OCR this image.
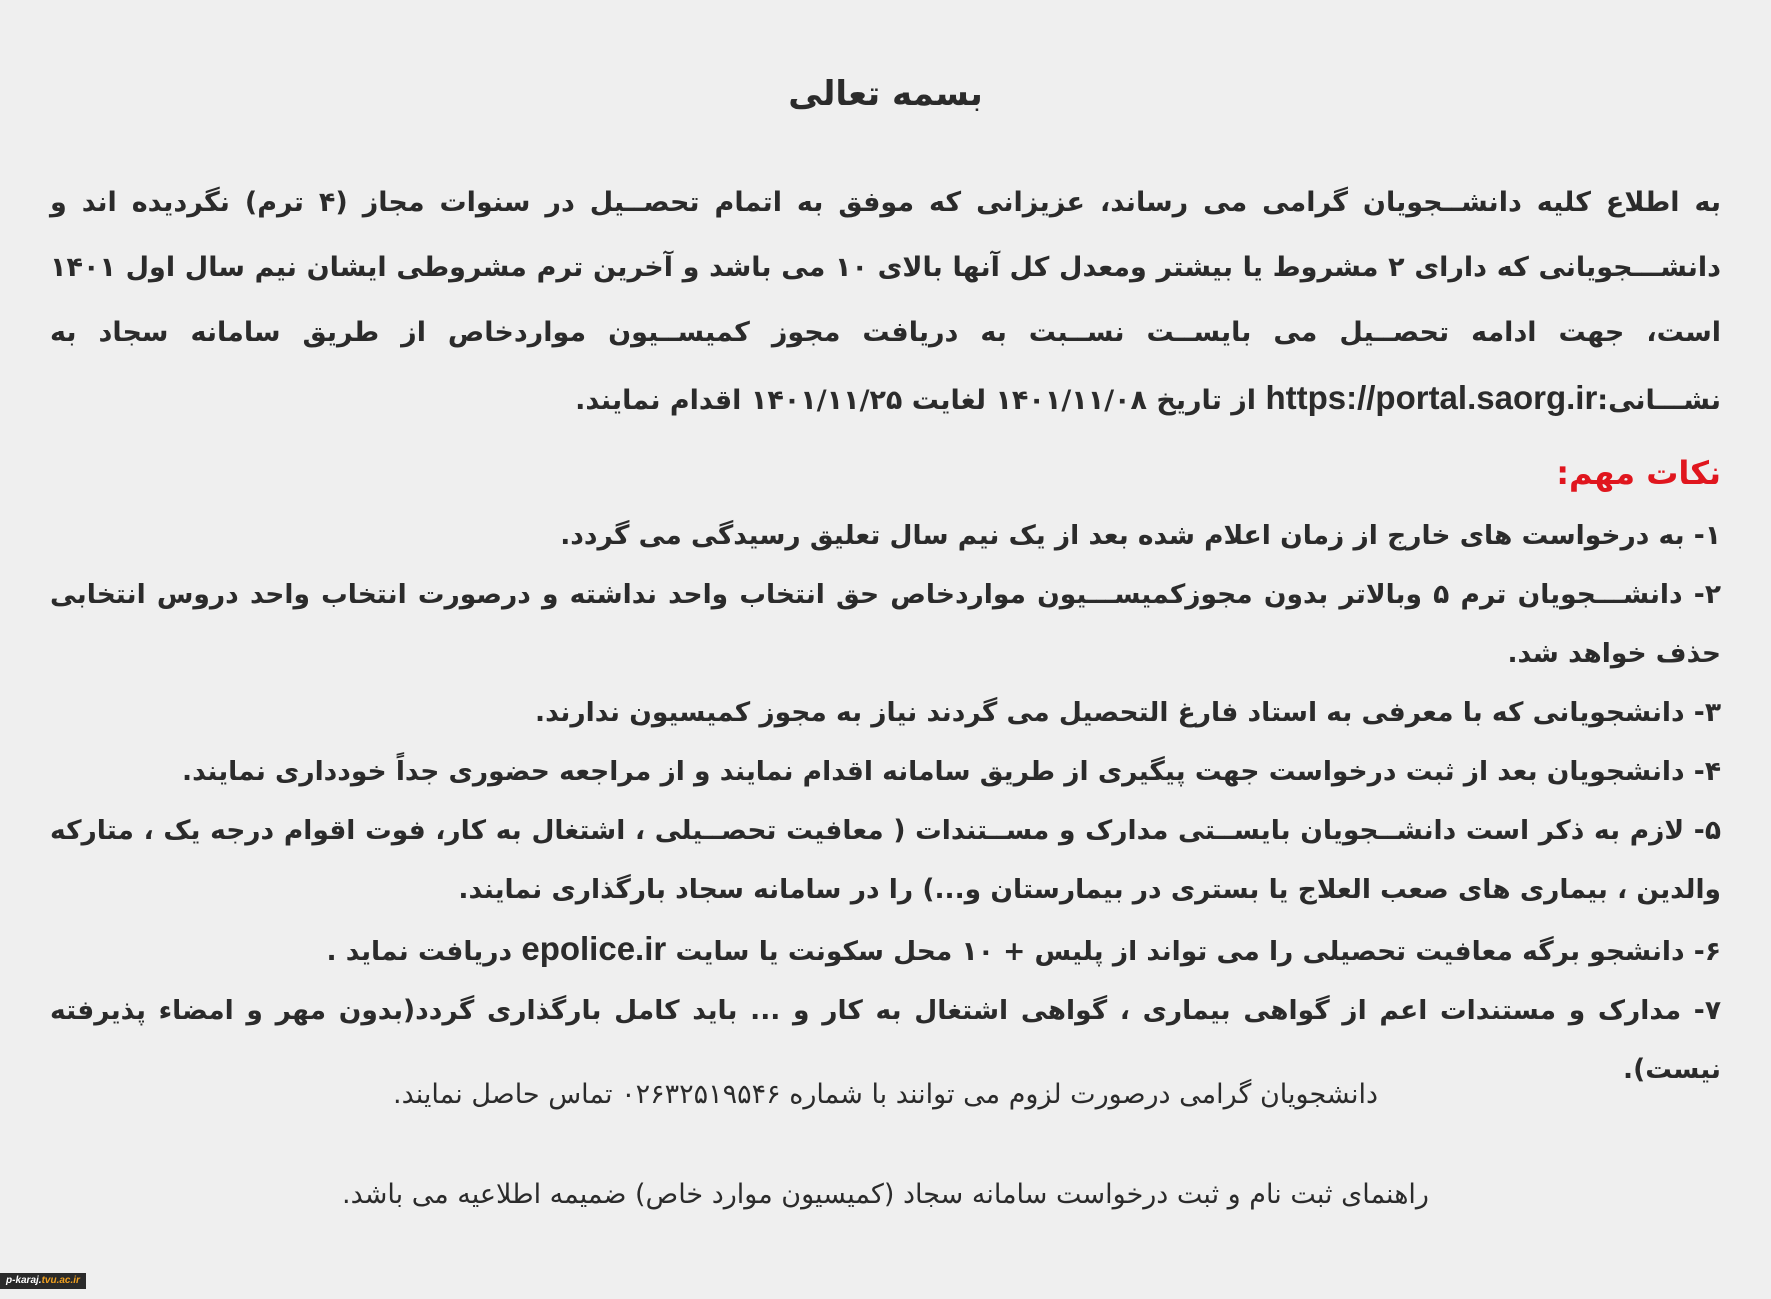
بسمه تعالی

به اطلاع کلیه دانشــجویان گرامی می رساند، عزیزانی که موفق به اتمام تحصــیل در سنوات مجاز (۴ ترم) نگردیده اند و دانشـــجویانی که دارای ۲ مشروط یا بیشتر ومعدل کل آنها بالای ۱۰ می باشد و آخرین ترم مشروطی ایشان نیم سال اول ۱۴۰۱ است، جهت ادامه تحصــیل می بایســت نســبت به دریافت مجوز کمیســیون مواردخاص از طریق سامانه سجاد به نشـــانی:https://portal.saorg.ir از تاریخ ۱۴۰۱/۱۱/۰۸ لغایت ۱۴۰۱/۱۱/۲۵ اقدام نمایند.

نکات مهم:
۱- به درخواست های خارج از زمان اعلام شده بعد از یک نیم سال تعلیق رسیدگی می گردد.
۲- دانشـــجویان ترم ۵ وبالاتر بدون مجوزکمیســـیون مواردخاص حق انتخاب واحد نداشته و درصورت انتخاب واحد دروس انتخابی حذف خواهد شد.
۳- دانشجویانی که با معرفی به استاد فارغ التحصیل می گردند نیاز به مجوز کمیسیون ندارند.
۴- دانشجویان بعد از ثبت درخواست جهت پیگیری از طریق سامانه اقدام نمایند و از مراجعه حضوری جداً خودداری نمایند.
۵- لازم به ذکر است دانشــجویان بایســتی مدارک و مســتندات ( معافیت تحصــیلی ، اشتغال به کار، فوت اقوام درجه یک ، متارکه والدین ، بیماری های صعب العلاج یا بستری در بیمارستان و...) را در سامانه سجاد بارگذاری نمایند.
۶- دانشجو برگه معافیت تحصیلی را می تواند از پلیس + ۱۰ محل سکونت یا سایت epolice.ir دریافت نماید .
۷- مدارک و مستندات اعم از گواهی بیماری ، گواهی اشتغال به کار و ... باید کامل بارگذاری گردد(بدون مهر و امضاء پذیرفته نیست).

دانشجویان گرامی درصورت لزوم می توانند با شماره ۰۲۶۳۲۵۱۹۵۴۶ تماس حاصل نمایند.

راهنمای ثبت نام و ثبت درخواست سامانه سجاد (کمیسیون موارد خاص) ضمیمه اطلاعیه می باشد.

p-karaj.tvu.ac.ir
